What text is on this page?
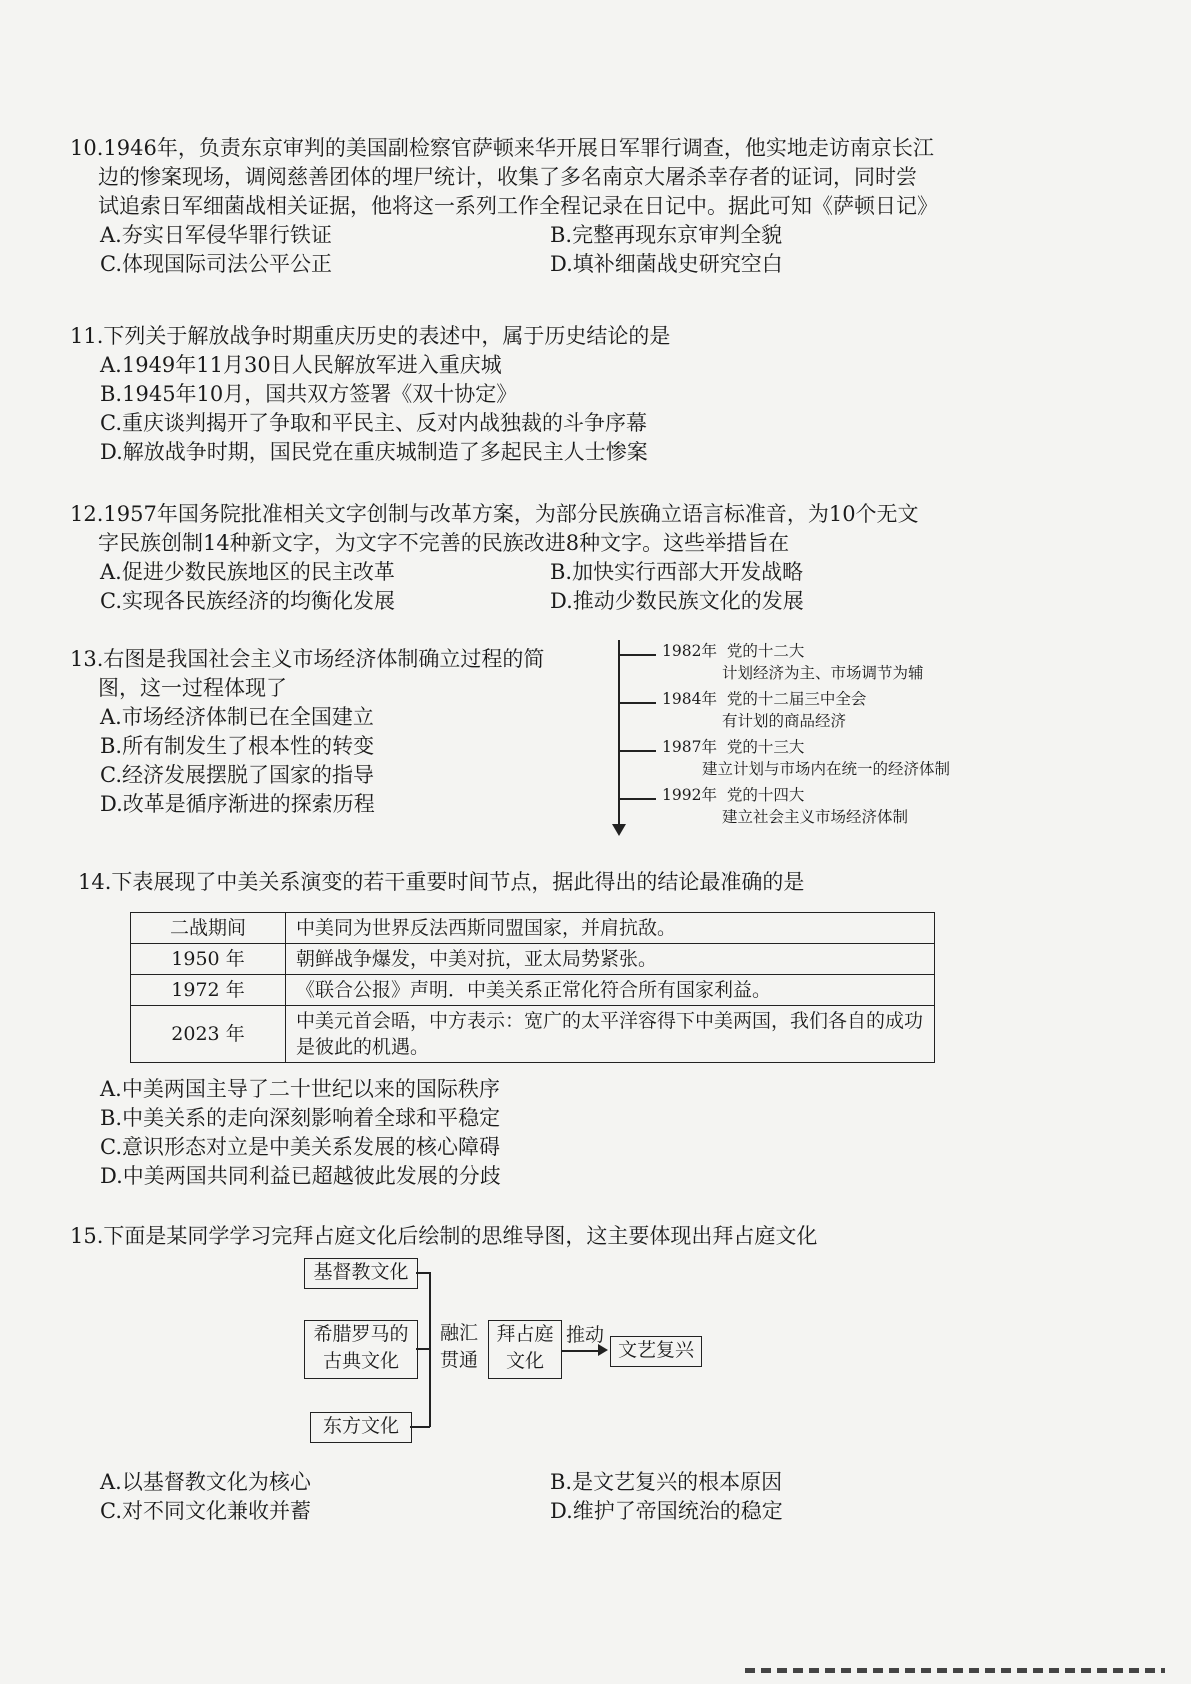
10.1946年，负责东京审判的美国副检察官萨顿来华开展日军罪行调查，他实地走访南京长江
边的惨案现场，调阅慈善团体的埋尸统计，收集了多名南京大屠杀幸存者的证词，同时尝
试追索日军细菌战相关证据，他将这一系列工作全程记录在日记中。据此可知《萨顿日记》
A.夯实日军侵华罪行铁证	B.完整再现东京审判全貌
C.体现国际司法公平公正	D.填补细菌战史研究空白
11.下列关于解放战争时期重庆历史的表述中，属于历史结论的是
A.1949年11月30日人民解放军进入重庆城
B.1945年10月，国共双方签署《双十协定》
C.重庆谈判揭开了争取和平民主、反对内战独裁的斗争序幕
D.解放战争时期，国民党在重庆城制造了多起民主人士惨案
12.1957年国务院批准相关文字创制与改革方案，为部分民族确立语言标准音，为10个无文
字民族创制14种新文字，为文字不完善的民族改进8种文字。这些举措旨在
A.促进少数民族地区的民主改革	B.加快实行西部大开发战略
C.实现各民族经济的均衡化发展	D.推动少数民族文化的发展
13.右图是我国社会主义市场经济体制确立过程的简
图，这一过程体现了
A.市场经济体制已在全国建立
B.所有制发生了根本性的转变
C.经济发展摆脱了国家的指导
D.改革是循序渐进的探索历程
1982年 党的十二大
计划经济为主、市场调节为辅
1984年 党的十二届三中全会
有计划的商品经济
1987年 党的十三大
建立计划与市场内在统一的经济体制
1992年 党的十四大
建立社会主义市场经济体制
14.下表展现了中美关系演变的若干重要时间节点，据此得出的结论最准确的是
二战期间	中美同为世界反法西斯同盟国家，并肩抗敌。
1950 年	朝鲜战争爆发，中美对抗，亚太局势紧张。
1972 年	《联合公报》声明．中美关系正常化符合所有国家利益。
2023 年	中美元首会晤，中方表示：宽广的太平洋容得下中美两国，我们各自的成功是彼此的机遇。
A.中美两国主导了二十世纪以来的国际秩序
B.中美关系的走向深刻影响着全球和平稳定
C.意识形态对立是中美关系发展的核心障碍
D.中美两国共同利益已超越彼此发展的分歧
15.下面是某同学学习完拜占庭文化后绘制的思维导图，这主要体现出拜占庭文化
基督教文化
希腊罗马的
古典文化
东方文化
融汇
贯通
拜占庭
文化
推动
文艺复兴
A.以基督教文化为核心	B.是文艺复兴的根本原因
C.对不同文化兼收并蓄	D.维护了帝国统治的稳定
